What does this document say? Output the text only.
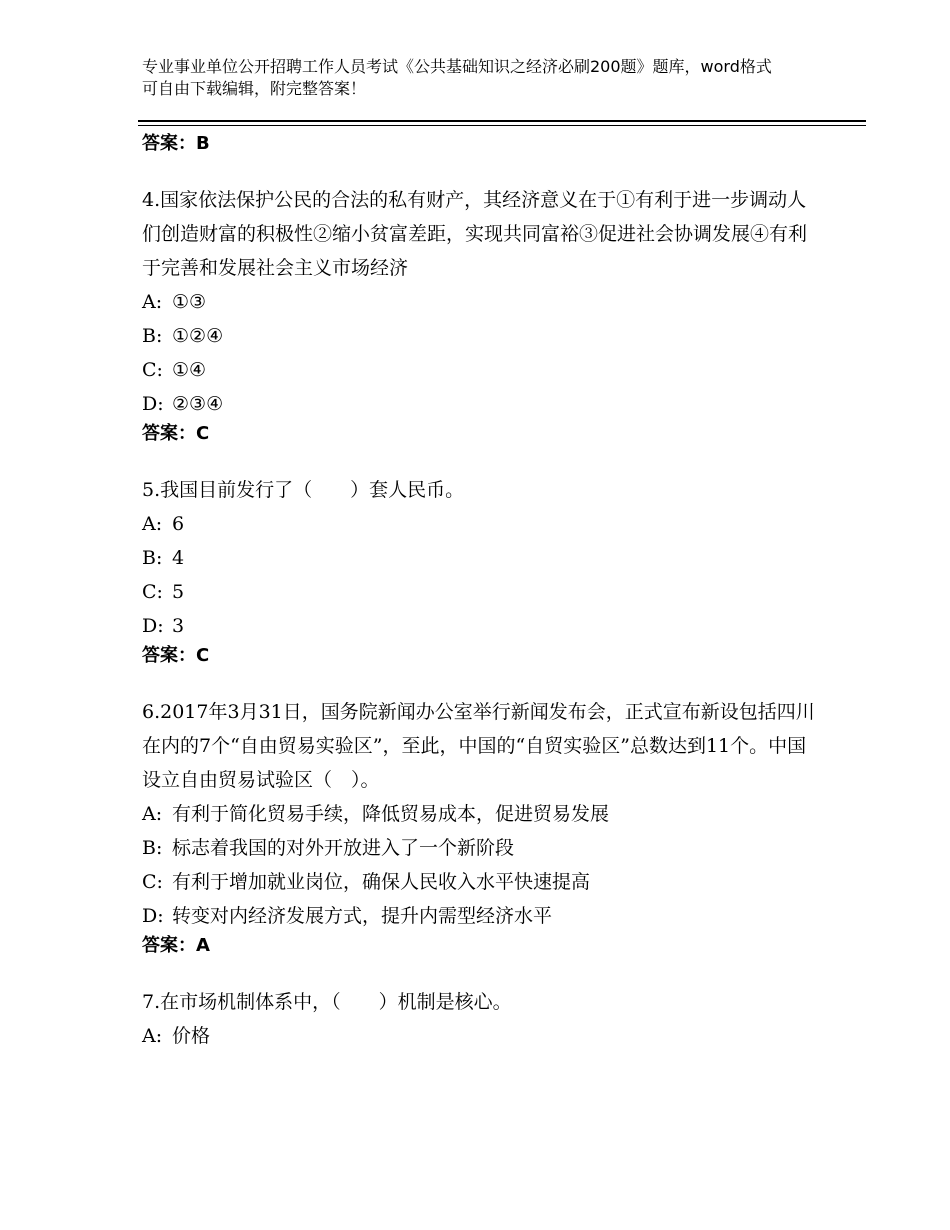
专业事业单位公开招聘工作人员考试《公共基础知识之经济必刷200题》题库，word格式可自由下载编辑，附完整答案！

答案：B

4.国家依法保护公民的合法的私有财产，其经济意义在于①有利于进一步调动人们创造财富的积极性②缩小贫富差距，实现共同富裕③促进社会协调发展④有利于完善和发展社会主义市场经济

A: ①③

B: ①②④

C: ①④

D: ②③④

答案：C

5.我国目前发行了（　　）套人民币。

A: 6

B: 4

C: 5

D: 3

答案：C

6.2017年3月31日，国务院新闻办公室举行新闻发布会，正式宣布新设包括四川在内的7个“自由贸易实验区”，至此，中国的“自贸实验区”总数达到11个。中国设立自由贸易试验区（　）。

A: 有利于简化贸易手续，降低贸易成本，促进贸易发展

B: 标志着我国的对外开放进入了一个新阶段

C: 有利于增加就业岗位，确保人民收入水平快速提高

D: 转变对内经济发展方式，提升内需型经济水平

答案：A

7.在市场机制体系中，（　　）机制是核心。

A: 价格
